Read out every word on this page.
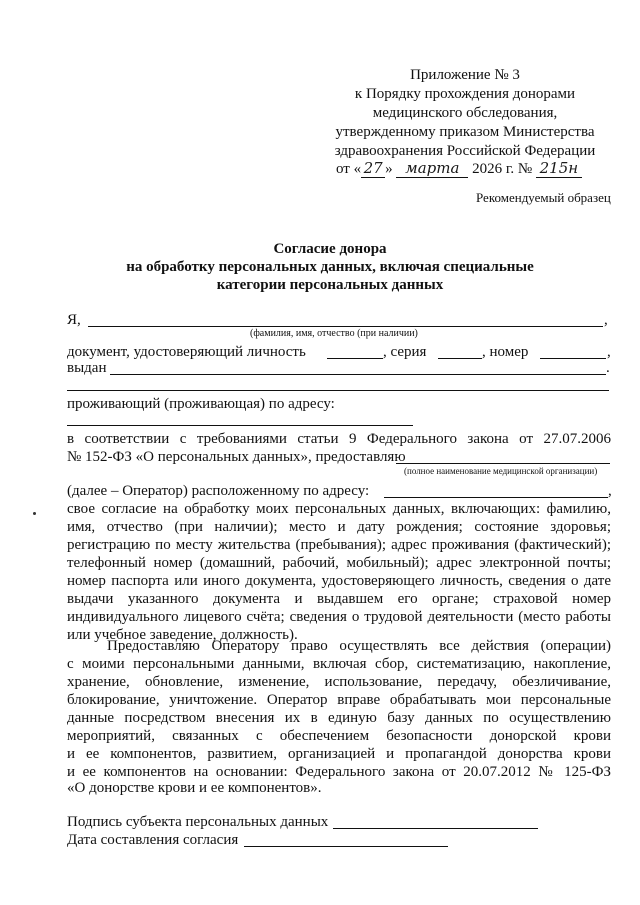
Приложение № 3
к Порядку прохождения донорами
медицинского обследования,
утвержденному приказом Министерства
здравоохранения Российской Федерации
от « 27 » марта 2026 г. № 215н
Рекомендуемый образец
Согласие донора
на обработку персональных данных, включая специальные
категории персональных данных
Я,	,
(фамилия, имя, отчество (при наличии)
документ, удостоверяющий личность	, серия	, номер	,
выдан	.
проживающий (проживающая) по адресу:
в соответствии с требованиями статьи 9 Федерального закона от 27.07.2006
№ 152-ФЗ «О персональных данных», предоставляю
(полное наименование медицинской организации)
(далее – Оператор) расположенному по адресу:	,
свое согласие на обработку моих персональных данных, включающих: фамилию,
имя, отчество (при наличии); место и дату рождения; состояние здоровья;
регистрацию по месту жительства (пребывания); адрес проживания (фактический);
телефонный номер (домашний, рабочий, мобильный); адрес электронной почты;
номер паспорта или иного документа, удостоверяющего личность, сведения о дате
выдачи указанного документа и выдавшем его органе; страховой номер
индивидуального лицевого счёта; сведения о трудовой деятельности (место работы
или учебное заведение, должность).
Предоставляю Оператору право осуществлять все действия (операции)
с моими персональными данными, включая сбор, систематизацию, накопление,
хранение, обновление, изменение, использование, передачу, обезличивание,
блокирование, уничтожение. Оператор вправе обрабатывать мои персональные
данные посредством внесения их в единую базу данных по осуществлению
мероприятий, связанных с обеспечением безопасности донорской крови
и ее компонентов, развитием, организацией и пропагандой донорства крови
и ее компонентов на основании: Федерального закона от 20.07.2012 № 125-ФЗ
«О донорстве крови и ее компонентов».
Подпись субъекта персональных данных
Дата составления согласия
